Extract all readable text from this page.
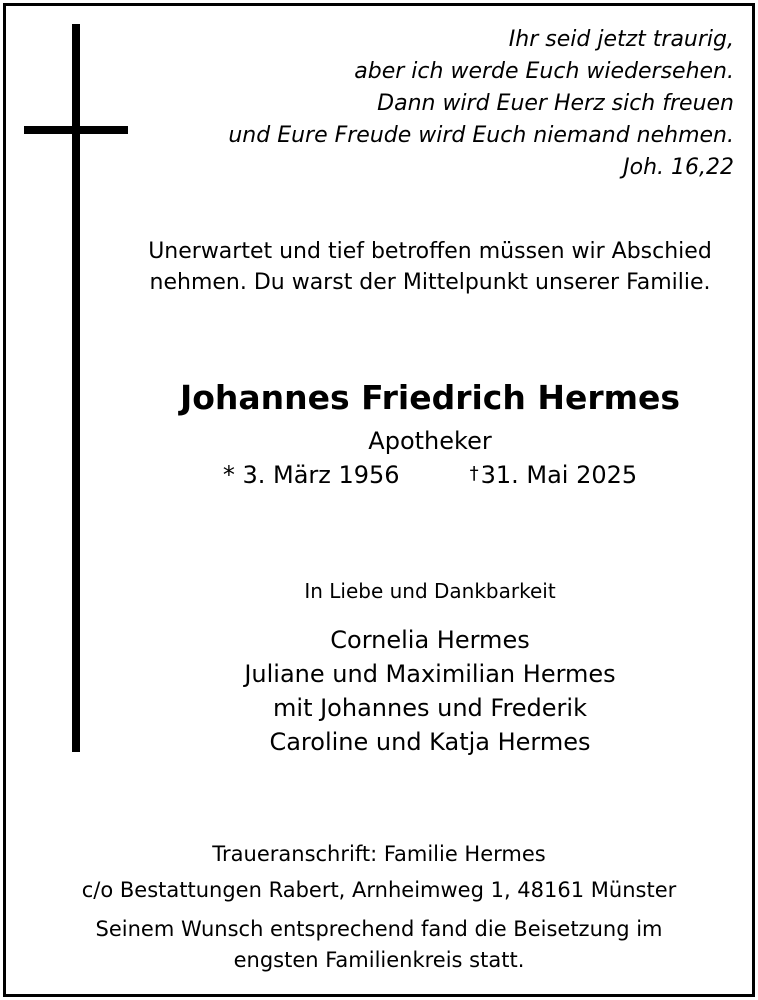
Ihr seid jetzt traurig,
aber ich werde Euch wiedersehen.
Dann wird Euer Herz sich freuen
und Eure Freude wird Euch niemand nehmen.
Joh. 16,22
Unerwartet und tief betroffen müssen wir Abschied
nehmen. Du warst der Mittelpunkt unserer Familie.
Johannes Friedrich Hermes
Apotheker
* 3. März 1956	†31. Mai 2025
In Liebe und Dankbarkeit
Cornelia Hermes
Juliane und Maximilian Hermes
mit Johannes und Frederik
Caroline und Katja Hermes
Traueranschrift: Familie Hermes
c/o Bestattungen Rabert, Arnheimweg 1, 48161 Münster
Seinem Wunsch entsprechend fand die Beisetzung im
engsten Familienkreis statt.
